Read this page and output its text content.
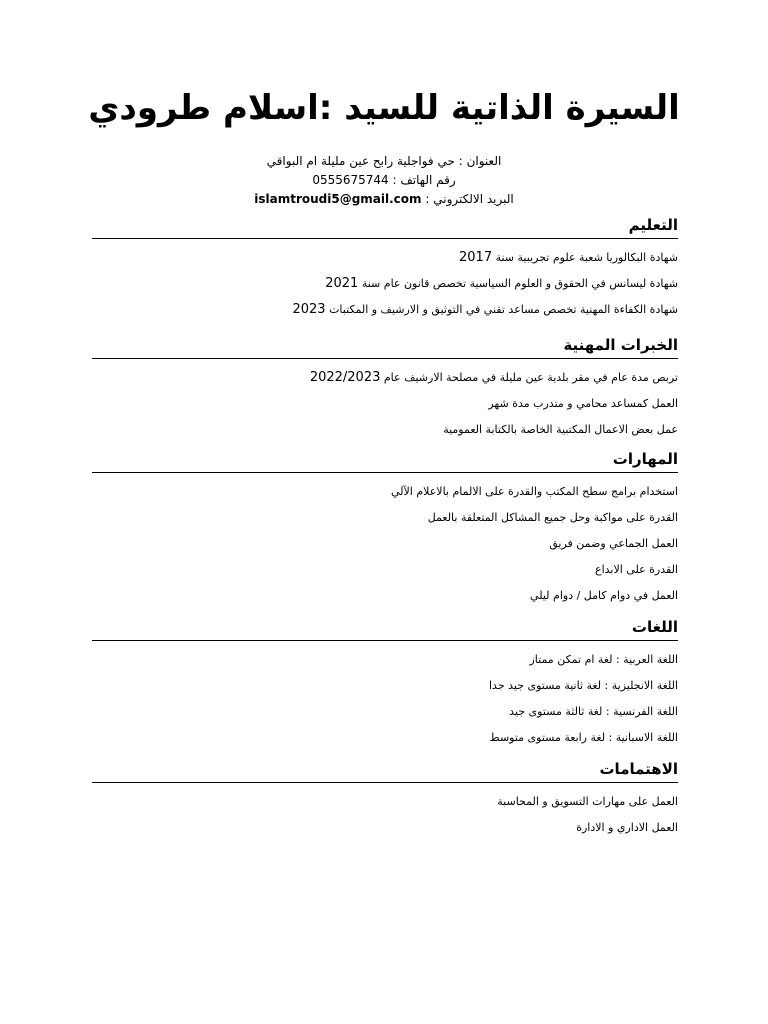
السيرة الذاتية للسيد :اسلام طرودي
العنوان : حي فواجلية رابح عين مليلة ام البواقي
رقم الهاتف : 0555675744
البريد الالكتروني : islamtroudi5@gmail.com
التعليم
شهادة البكالوريا شعبة علوم تجريبية سنة 2017
شهادة ليسانس في الحقوق و العلوم السياسية تخصص قانون عام سنة 2021
شهادة الكفاءة المهنية تخصص مساعد تقني في التوثيق و الارشيف و المكتبات 2023
الخبرات المهنية
تربص مدة عام في مقر بلدية عين مليلة في مصلحة الارشيف عام 2022/2023
العمل كمساعد محامي و متدرب مدة شهر
عمل بعض الاعمال المكتبية الخاصة بالكتابة العمومية
المهارات
استخدام برامج سطح المكتب والقدرة على الالمام بالاعلام الآلي
القدرة على مواكبة وحل جميع المشاكل المتعلقة بالعمل
العمل الجماعي وضمن فريق
القدرة على الابداع
العمل في دوام كامل / دوام ليلي
اللغات
اللغة العربية : لغة ام تمكن ممتاز
اللغة الانجليزية : لغة ثانية مستوى جيد جدا
اللغة الفرنسية : لغة ثالثة مستوى جيد
اللغة الاسبانية : لغة رابعة مستوى متوسط
الاهتمامات
العمل على مهارات التسويق و المحاسبة
العمل الاداري و الادارة
